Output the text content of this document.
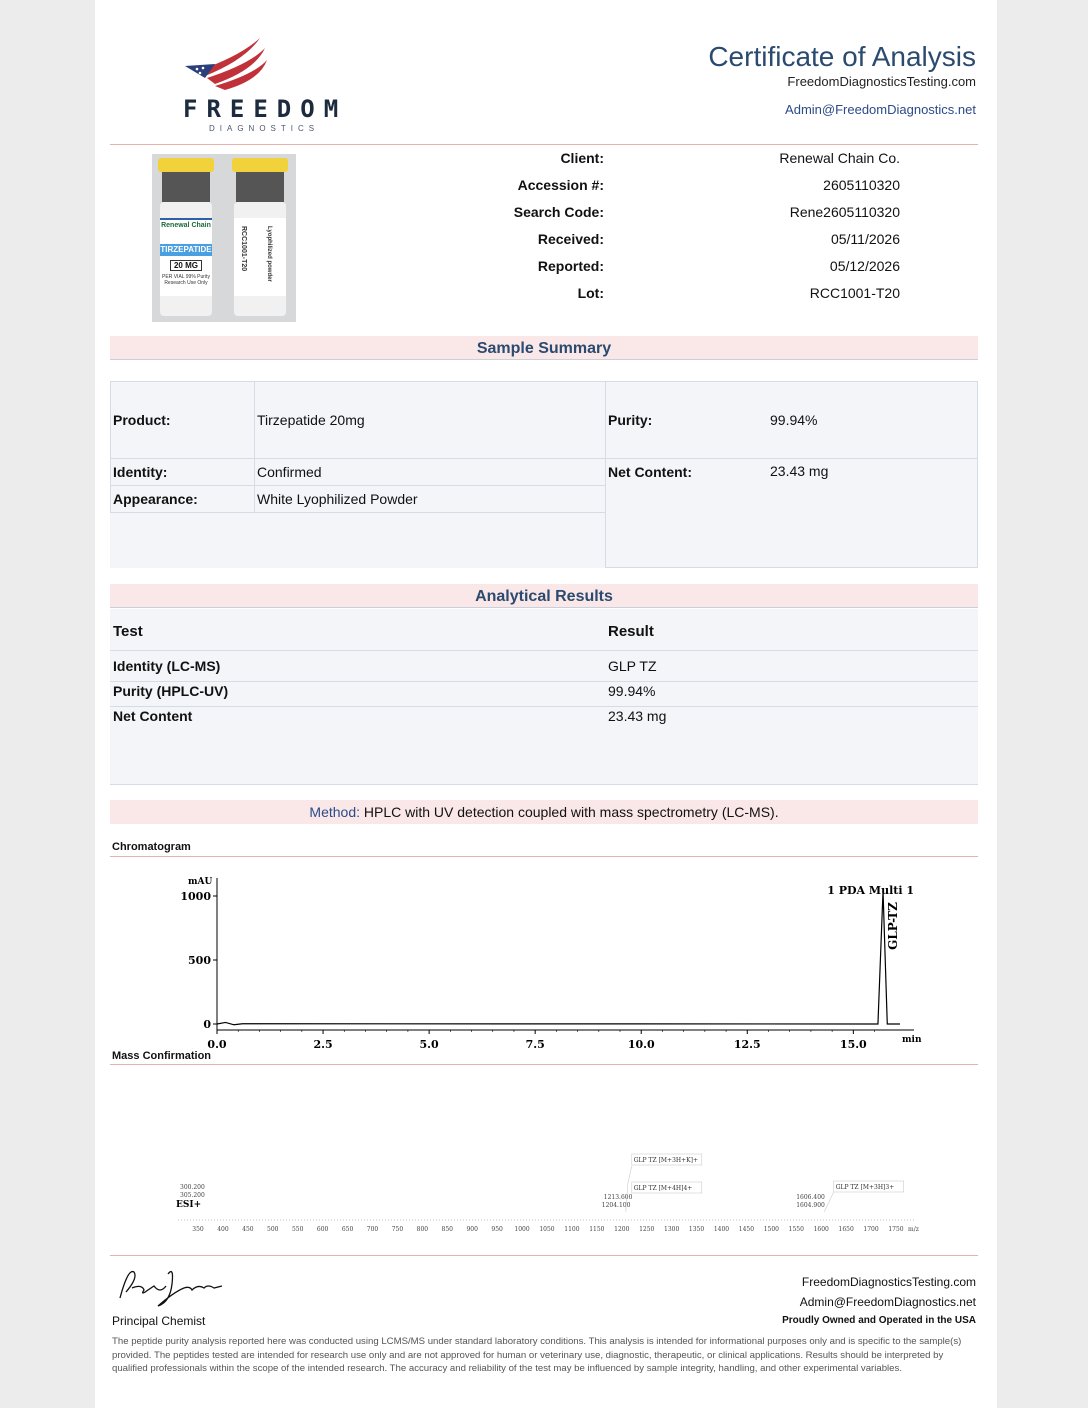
FREEDOM
DIAGNOSTICS
Certificate of Analysis
FreedomDiagnosticsTesting.com
Admin@FreedomDiagnostics.net
Renewal Chain
TIRZEPATIDE
20 MG
PER VIAL 99% Purity Research Use Only
RCC1001-T20	Lyophilized powder
Client:	Renewal Chain Co.
Accession #:	2605110320
Search Code:	Rene2605110320
Received:	05/11/2026
Reported:	05/12/2026
Lot:	RCC1001-T20
Sample Summary
Product:	Tirzepatide 20mg	Purity:	99.94%
Identity:	Confirmed	Net Content:	23.43 mg
Appearance:	White Lyophilized Powder
Analytical Results
Test	Result
Identity (LC-MS)	GLP TZ
Purity (HPLC-UV)	99.94%
Net Content	23.43 mg
Method: HPLC with UV detection coupled with mass spectrometry (LC-MS).
Chromatogram
mAU
1000
500
0
0.0	2.5	5.0	7.5	10.0	12.5	15.0	min
1 PDA Multi 1
GLP-TZ
Mass Confirmation
350 400 450 500 550 600 650 700 750 800 850 900 950 1000 1050 1100 1150 1200 1250 1300 1350 1400 1450 1500 1550 1600 1650 1700 1750 m/z
ESI+
300.200
305.200	1213.600
1204.100
1606.400
1604.900
GLP TZ [M+3H+K]+
GLP TZ [M+4H]4+	GLP TZ [M+3H]3+
Principal Chemist
FreedomDiagnosticsTesting.com
Admin@FreedomDiagnostics.net
Proudly Owned and Operated in the USA
The peptide purity analysis reported here was conducted using LCMS/MS under standard laboratory conditions. This analysis is intended for informational purposes only and is specific to the sample(s) provided. The peptides tested are intended for research use only and are not approved for human or veterinary use, diagnostic, therapeutic, or clinical applications. Results should be interpreted by qualified professionals within the scope of the intended research. The accuracy and reliability of the test may be influenced by sample integrity, handling, and other experimental variables.
